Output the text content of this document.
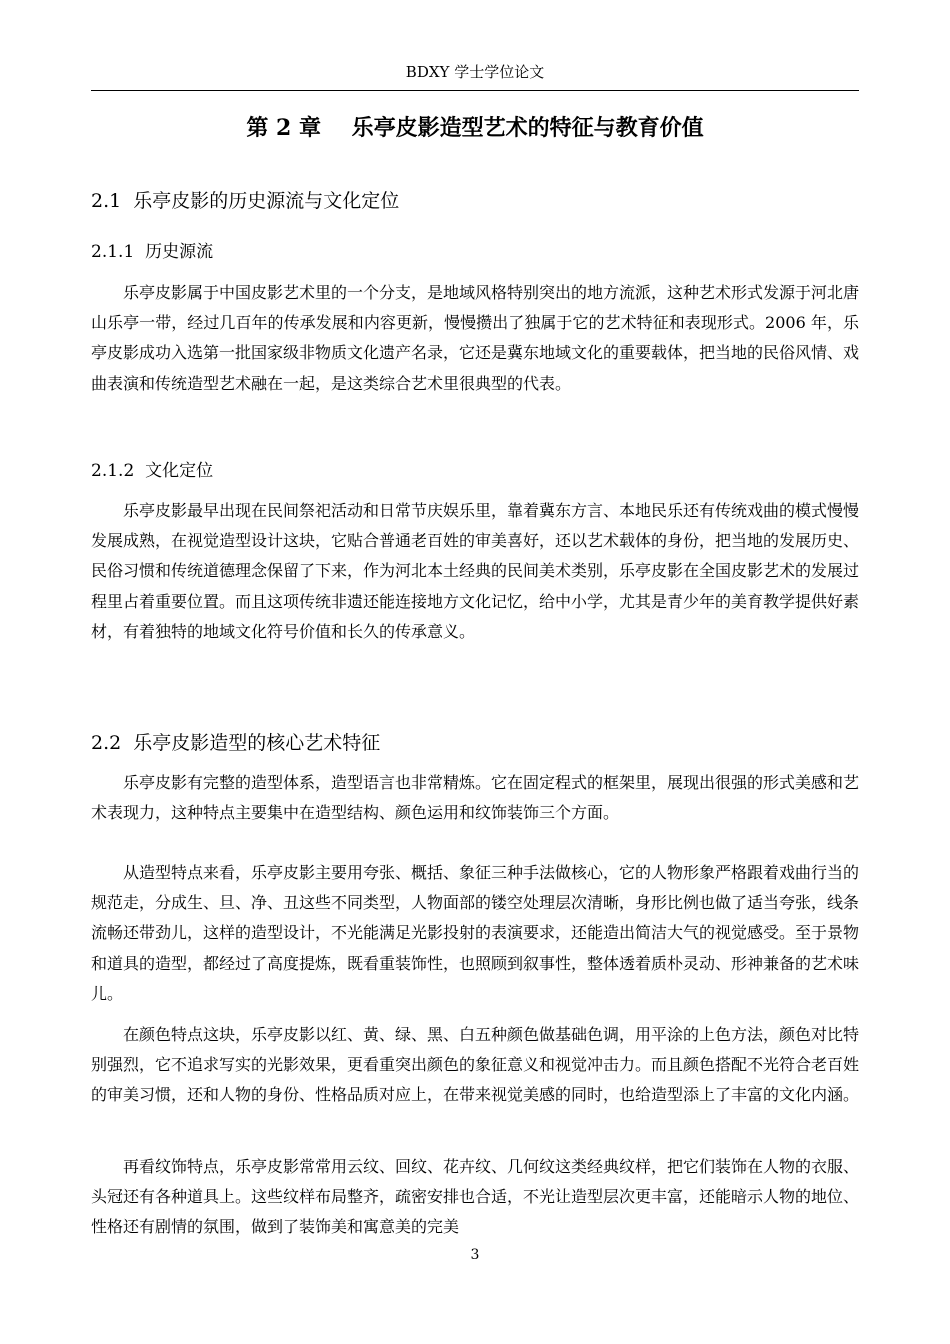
BDXY 学士学位论文
第 2 章    乐亭皮影造型艺术的特征与教育价值
2.1  乐亭皮影的历史源流与文化定位
2.1.1  历史源流
乐亭皮影属于中国皮影艺术里的一个分支，是地域风格特别突出的地方流派，这种艺术形式发源于河北唐山乐亭一带，经过几百年的传承发展和内容更新，慢慢攒出了独属于它的艺术特征和表现形式。2006 年，乐亭皮影成功入选第一批国家级非物质文化遗产名录，它还是冀东地域文化的重要载体，把当地的民俗风情、戏曲表演和传统造型艺术融在一起，是这类综合艺术里很典型的代表。
2.1.2  文化定位
乐亭皮影最早出现在民间祭祀活动和日常节庆娱乐里，靠着冀东方言、本地民乐还有传统戏曲的模式慢慢发展成熟，在视觉造型设计这块，它贴合普通老百姓的审美喜好，还以艺术载体的身份，把当地的发展历史、民俗习惯和传统道德理念保留了下来，作为河北本土经典的民间美术类别，乐亭皮影在全国皮影艺术的发展过程里占着重要位置。而且这项传统非遗还能连接地方文化记忆，给中小学，尤其是青少年的美育教学提供好素材，有着独特的地域文化符号价值和长久的传承意义。
2.2  乐亭皮影造型的核心艺术特征
乐亭皮影有完整的造型体系，造型语言也非常精炼。它在固定程式的框架里，展现出很强的形式美感和艺术表现力，这种特点主要集中在造型结构、颜色运用和纹饰装饰三个方面。
从造型特点来看，乐亭皮影主要用夸张、概括、象征三种手法做核心，它的人物形象严格跟着戏曲行当的规范走，分成生、旦、净、丑这些不同类型，人物面部的镂空处理层次清晰，身形比例也做了适当夸张，线条流畅还带劲儿，这样的造型设计，不光能满足光影投射的表演要求，还能造出简洁大气的视觉感受。至于景物和道具的造型，都经过了高度提炼，既看重装饰性，也照顾到叙事性，整体透着质朴灵动、形神兼备的艺术味儿。
在颜色特点这块，乐亭皮影以红、黄、绿、黑、白五种颜色做基础色调，用平涂的上色方法，颜色对比特别强烈，它不追求写实的光影效果，更看重突出颜色的象征意义和视觉冲击力。而且颜色搭配不光符合老百姓的审美习惯，还和人物的身份、性格品质对应上，在带来视觉美感的同时，也给造型添上了丰富的文化内涵。
再看纹饰特点，乐亭皮影常常用云纹、回纹、花卉纹、几何纹这类经典纹样，把它们装饰在人物的衣服、头冠还有各种道具上。这些纹样布局整齐，疏密安排也合适，不光让造型层次更丰富，还能暗示人物的地位、性格还有剧情的氛围，做到了装饰美和寓意美的完美
3
